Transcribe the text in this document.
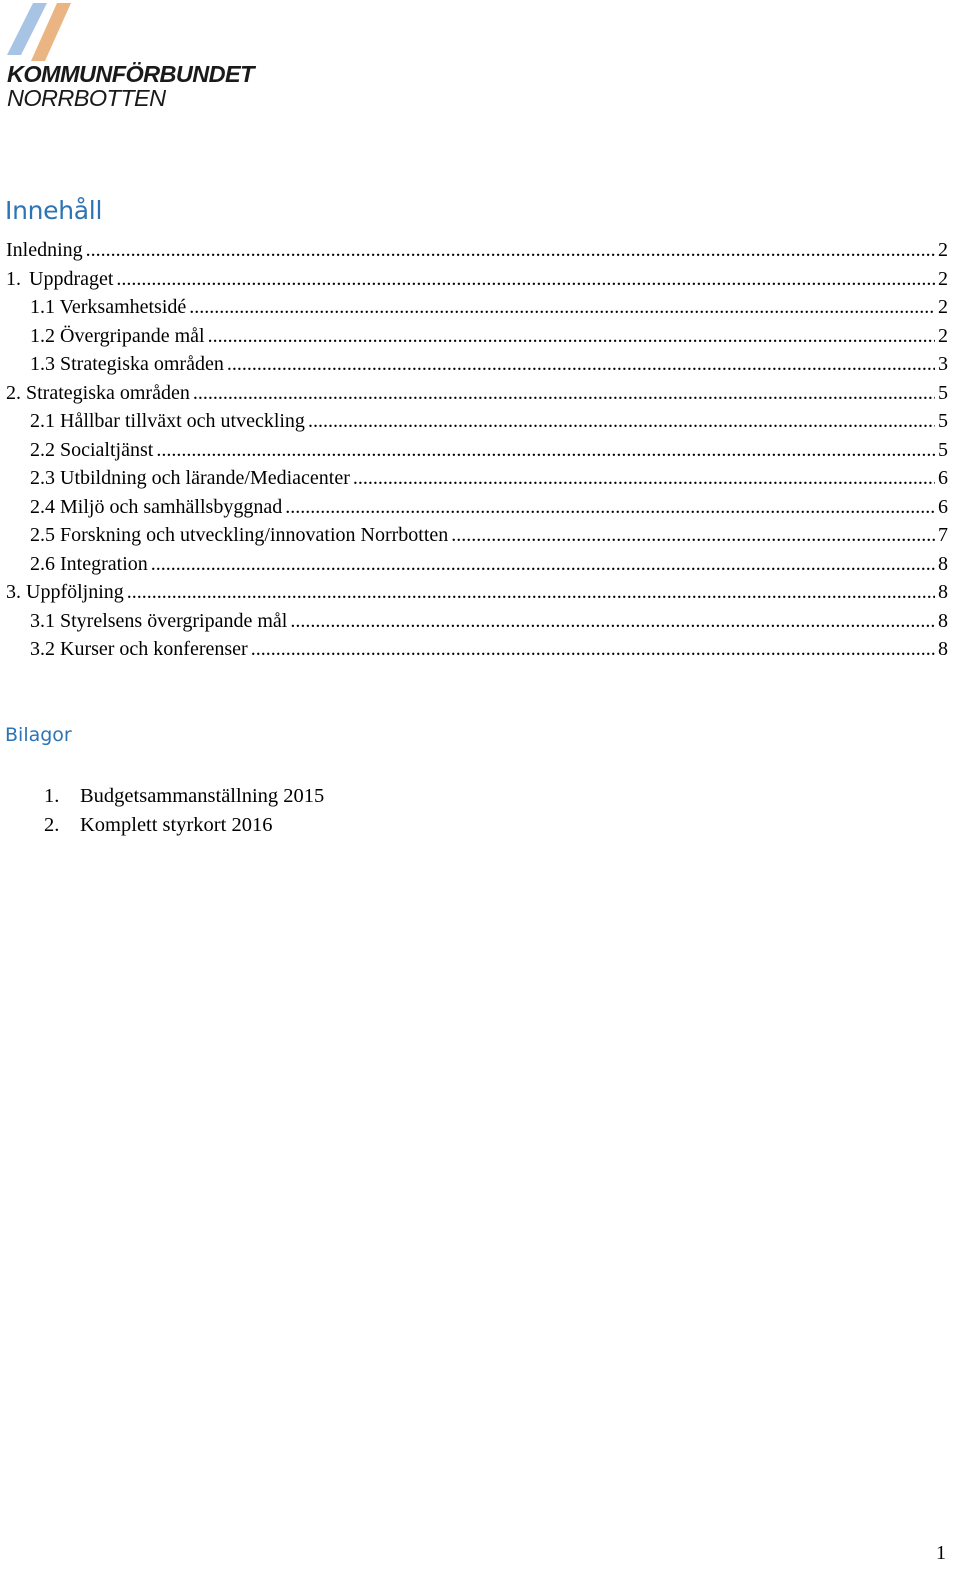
KOMMUNFÖRBUNDET
NORRBOTTEN
Innehåll
Inledning .....	2
1. Uppdraget .....	2
1.1 Verksamhetsidé .....	2
1.2 Övergripande mål .....	2
1.3 Strategiska områden .....	3
2. Strategiska områden .....	5
2.1 Hållbar tillväxt och utveckling .....	5
2.2 Socialtjänst .....	5
2.3 Utbildning och lärande/Mediacenter .....	6
2.4 Miljö och samhällsbyggnad .....	6
2.5 Forskning och utveckling/innovation Norrbotten .....	7
2.6 Integration .....	8
3. Uppföljning .....	8
3.1 Styrelsens övergripande mål .....	8
3.2 Kurser och konferenser .....	8
Bilagor
1. Budgetsammanställning 2015
2. Komplett styrkort 2016
1
